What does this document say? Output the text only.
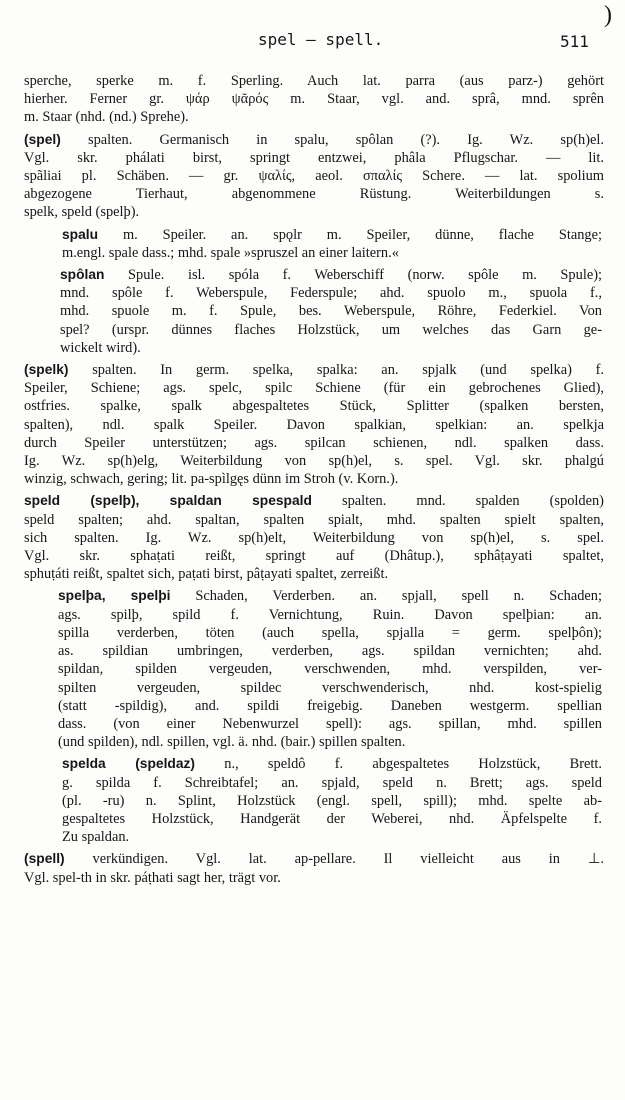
spel — spell.	511
)
sperche, sperke m. f. Sperling. Auch lat. parra (aus parz-) gehört
hierher. Ferner gr. ψάρ ψᾶρός m. Staar, vgl. and. sprâ, mnd. sprên
m. Staar (nhd. (nd.) Sprehe).
(spel) spalten. Germanisch in spalu, spôlan (?). Ig. Wz. sp(h)el.
Vgl. skr. phálati birst, springt entzwei, phâla Pflugschar. — lit.
spãliai pl. Schäben. — gr. ψαλίς, aeol. σπαλίς Schere. — lat. spolium
abgezogene Tierhaut, abgenommene Rüstung. Weiterbildungen s.
spelk, speld (spelþ).
spalu m. Speiler. an. spǫlr m. Speiler, dünne, flache Stange;
m.engl. spale dass.; mhd. spale »spruszel an einer laitern.«
spôlan Spule. isl. spóla f. Weberschiff (norw. spôle m. Spule);
mnd. spôle f. Weberspule, Federspule; ahd. spuolo m., spuola f.,
mhd. spuole m. f. Spule, bes. Weberspule, Röhre, Federkiel. Von
spel? (urspr. dünnes flaches Holzstück, um welches das Garn ge-
wickelt wird).
(spelk) spalten. In germ. spelka, spalka: an. spjalk (und spelka) f.
Speiler, Schiene; ags. spelc, spilc Schiene (für ein gebrochenes Glied),
ostfries. spalke, spalk abgespaltetes Stück, Splitter (spalken bersten,
spalten), ndl. spalk Speiler. Davon spalkian, spelkian: an. spelkja
durch Speiler unterstützen; ags. spilcan schienen, ndl. spalken dass.
Ig. Wz. sp(h)elg, Weiterbildung von sp(h)el, s. spel. Vgl. skr. phalgú
winzig, schwach, gering; lit. pa-spìlgęs dünn im Stroh (v. Korn.).
speld (spelþ), spaldan spespald spalten. mnd. spalden (spolden)
speld spalten; ahd. spaltan, spalten spialt, mhd. spalten spielt spalten,
sich spalten. Ig. Wz. sp(h)elt, Weiterbildung von sp(h)el, s. spel.
Vgl. skr. sphaṭati reißt, springt auf (Dhâtup.), sphâṭayati spaltet,
sphuṭáti reißt, spaltet sich, paṭati birst, pâṭayati spaltet, zerreißt.
spelþa, spelþi Schaden, Verderben. an. spjall, spell n. Schaden;
ags. spilþ, spild f. Vernichtung, Ruin. Davon spelþian: an.
spilla verderben, töten (auch spella, spjalla = germ. spelþôn);
as. spildian umbringen, verderben, ags. spildan vernichten; ahd.
spildan, spilden vergeuden, verschwenden, mhd. verspilden, ver-
spilten vergeuden, spildec verschwenderisch, nhd. kost-spielig
(statt -spildig), and. spildi freigebig. Daneben westgerm. spellian
dass. (von einer Nebenwurzel spell): ags. spillan, mhd. spillen
(und spilden), ndl. spillen, vgl. ä. nhd. (bair.) spillen spalten.
spelda (speldaz) n., speldô f. abgespaltetes Holzstück, Brett.
g. spilda f. Schreibtafel; an. spjald, speld n. Brett; ags. speld
(pl. -ru) n. Splint, Holzstück (engl. spell, spill); mhd. spelte ab-
gespaltetes Holzstück, Handgerät der Weberei, nhd. Äpfelspelte f.
Zu spaldan.
(spell) verkündigen. Vgl. lat. ap-pellare. Il vielleicht aus in ⊥.
Vgl. spel-th in skr. páṭhati sagt her, trägt vor.
